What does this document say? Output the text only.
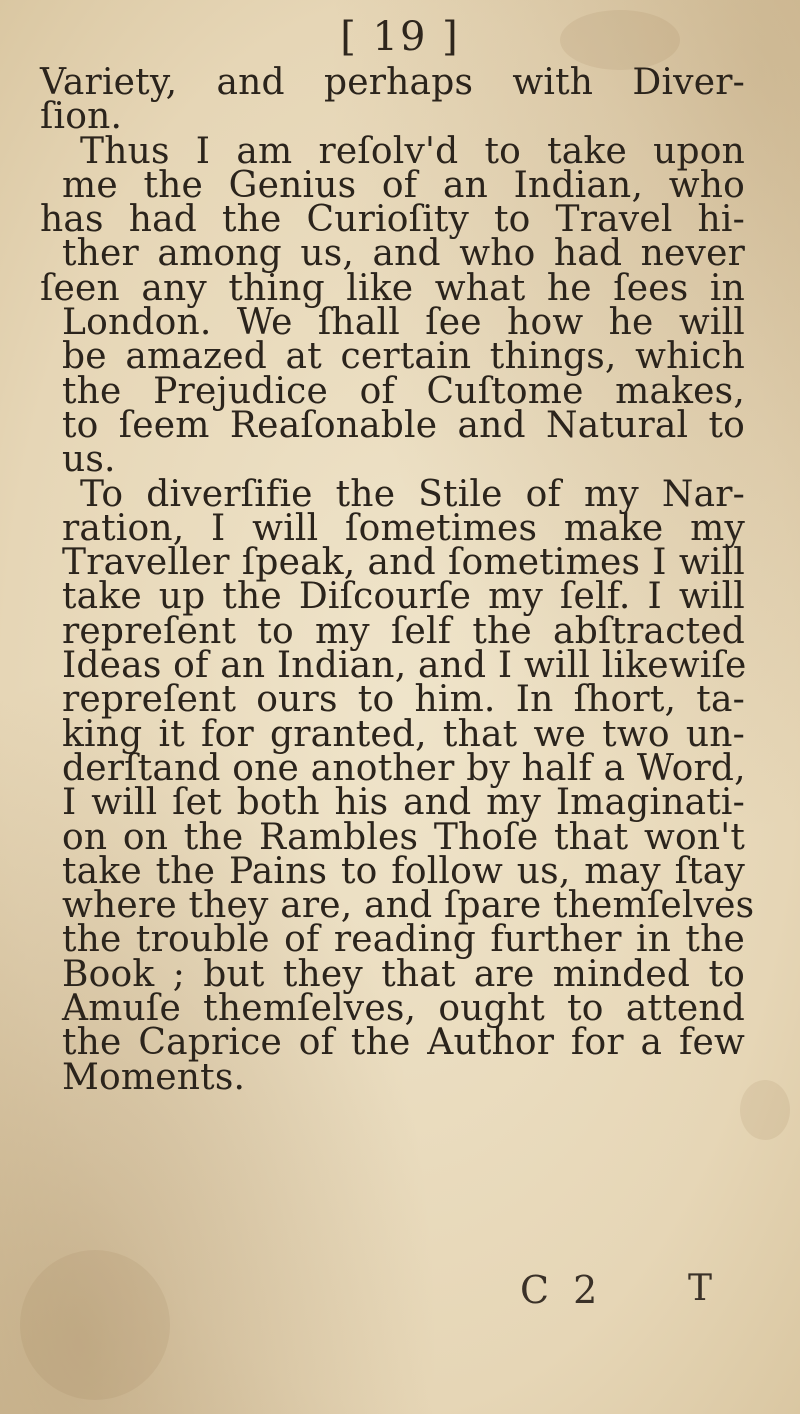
[ 19 ]
Variety, and perhaps with Diver-
ſion.
Thus I am reſolv'd to take upon
me the Genius of an Indian, who
has had the Curioſity to Travel hi-
ther among us, and who had never
ſeen any thing like what he ſees in
London. We ſhall ſee how he will
be amazed at certain things, which
the Prejudice of Cuſtome makes,
to ſeem Reaſonable and Natural to
us.
To diverſifie the Stile of my Nar-
ration, I will ſometimes make my
Traveller ſpeak, and ſometimes I will
take up the Diſcourſe my ſelf. I will
repreſent to my ſelf the abſtracted
Ideas of an Indian, and I will likewiſe
repreſent ours to him. In ſhort, ta-
king it for granted, that we two un-
derſtand one another by half a Word,
I will ſet both his and my Imaginati-
on on the Rambles Thoſe that won't
take the Pains to follow us, may ſtay
where they are, and ſpare themſelves
the trouble of reading further in the
Book ; but they that are minded to
Amuſe themſelves, ought to attend
the Caprice of the Author for a few
Moments.
C 2 T
